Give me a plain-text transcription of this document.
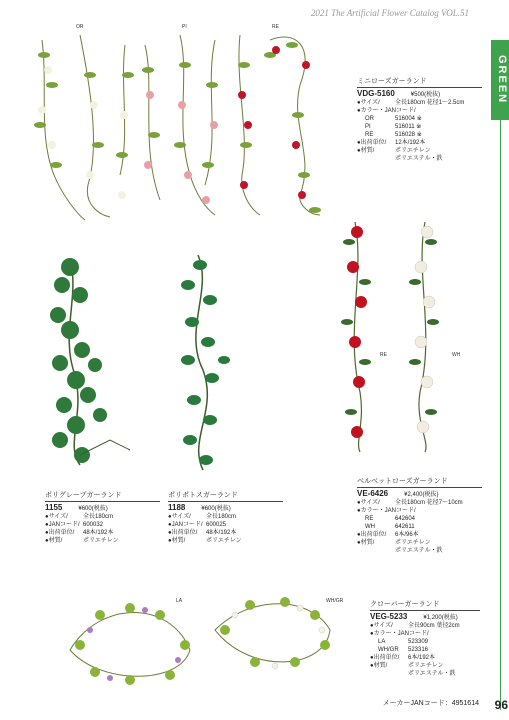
2021 The Artificial Flower Catalog VOL.51
GREEN
OR	PI	RE
ミニローズガーランド
VDG-5160	¥500(税抜)
●サイズ/	全長180cm 花径1〜2.5cm
●カラー・JANコード/
OR	516004 ※
PI	516011 ※
RE	516028 ※
●出荷単位/	12本/192本
●材質/	ポリエチレン
ポリエステル・鉄
ポリグレープガーランド
1155	¥600(税抜)
●サイズ/	全長180cm
●JANコード/ 600032
●出荷単位/	48本/192本
●材質/	ポリエチレン
ポリポトスガーランド
1188	¥600(税抜)
●サイズ/	全長180cm
●JANコード/ 600025
●出荷単位/	48本/192本
●材質/	ポリエチレン
RE	WH
ベルベットローズガーランド
VE-6426	¥2,400(税抜)
●サイズ/	全長180cm 花径7〜10cm
●カラー・JANコード/
RE	642604
WH	642611
●出荷単位/	6本/96本
●材質/	ポリエチレン
ポリエステル・鉄
LA	WH/GR	クローバーガーランド
VEG-5233	¥1,200(税抜)
●サイズ/	全長90cm 葉径2cm
●カラー・JANコード/
LA	523309
WH/GR	523316
●出荷単位/	6本/192本
●材質/	ポリエチレン
ポリエステル・鉄
メーカーJANコード：4951614 96
